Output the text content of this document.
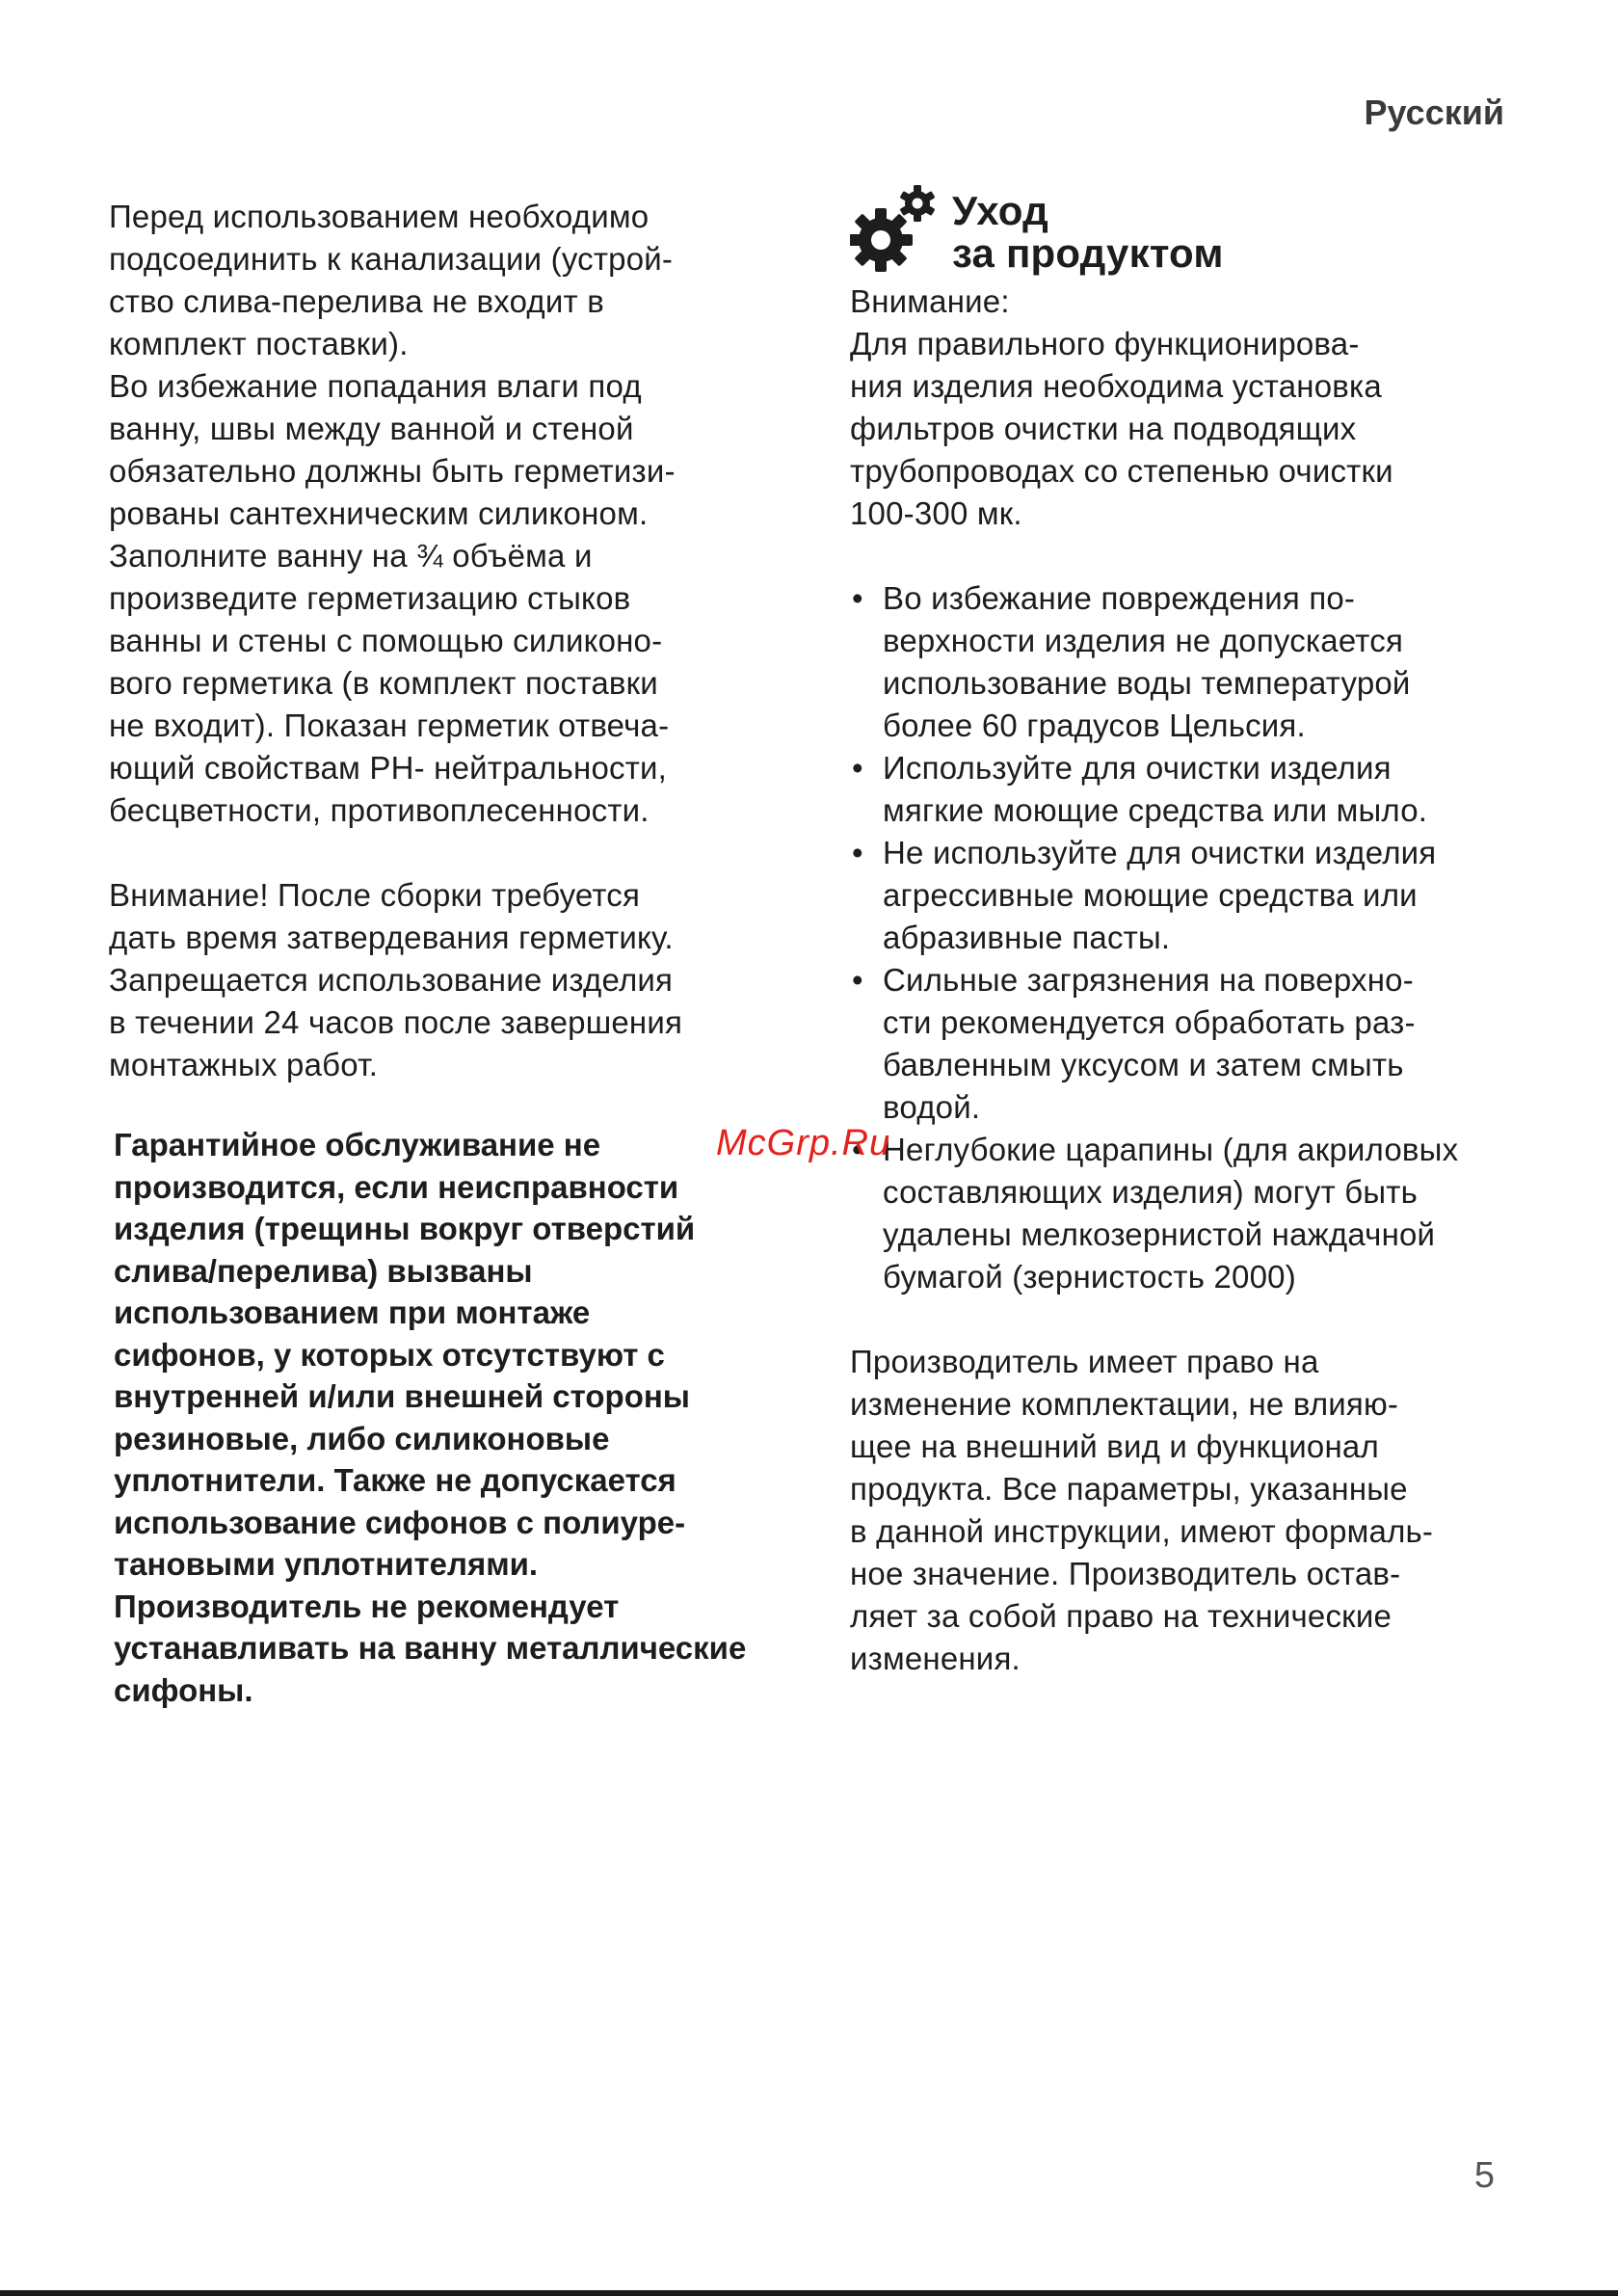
Русский
Перед использованием необходимо
подсоединить к канализации (устрой-
ство слива-перелива не входит в
комплект поставки).
Во избежание попадания влаги под
ванну, швы между ванной и стеной
обязательно должны быть герметизи-
рованы сантехническим силиконом.
Заполните ванну на ¾ объёма и
произведите герметизацию стыков
ванны и стены с помощью силиконо-
вого герметика (в комплект поставки
не входит). Показан герметик отвеча-
ющий свойствам PH- нейтральности,
бесцветности, противоплесенности.
Внимание! После сборки требуется
дать время затвердевания герметику.
Запрещается использование изделия
в течении 24 часов после завершения
монтажных работ.
Гарантийное обслуживание не
производится, если неисправности
изделия (трещины вокруг отверстий
слива/перелива) вызваны
использованием при монтаже
сифонов, у которых отсутствуют с
внутренней и/или внешней стороны
резиновые, либо силиконовые
уплотнители. Также не допускается
использование сифонов с полиуре-
тановыми уплотнителями.
Производитель не рекомендует
устанавливать на ванну металлические
сифоны.
Уход
за продуктом
Внимание:
Для правильного функционирова-
ния изделия необходима установка
фильтров очистки на подводящих
трубопроводах со степенью очистки
100-300 мк.
• Во избежание повреждения по-
верхности изделия не допускается
использование воды температурой
более 60 градусов Цельсия.
• Используйте для очистки изделия
мягкие моющие средства или мыло.
• Не используйте для очистки изделия
агрессивные моющие средства или
абразивные пасты.
• Сильные загрязнения на поверхно-
сти рекомендуется обработать раз-
бавленным уксусом и затем смыть
водой.
• Неглубокие царапины (для акриловых
составляющих изделия) могут быть
удалены мелкозернистой наждачной
бумагой (зернистость 2000)
Производитель имеет право на
изменение комплектации, не влияю-
щее на внешний вид и функционал
продукта. Все параметры, указанные
в данной инструкции, имеют формаль-
ное значение. Производитель остав-
ляет за собой право на технические
изменения.
McGrp.Ru
5
